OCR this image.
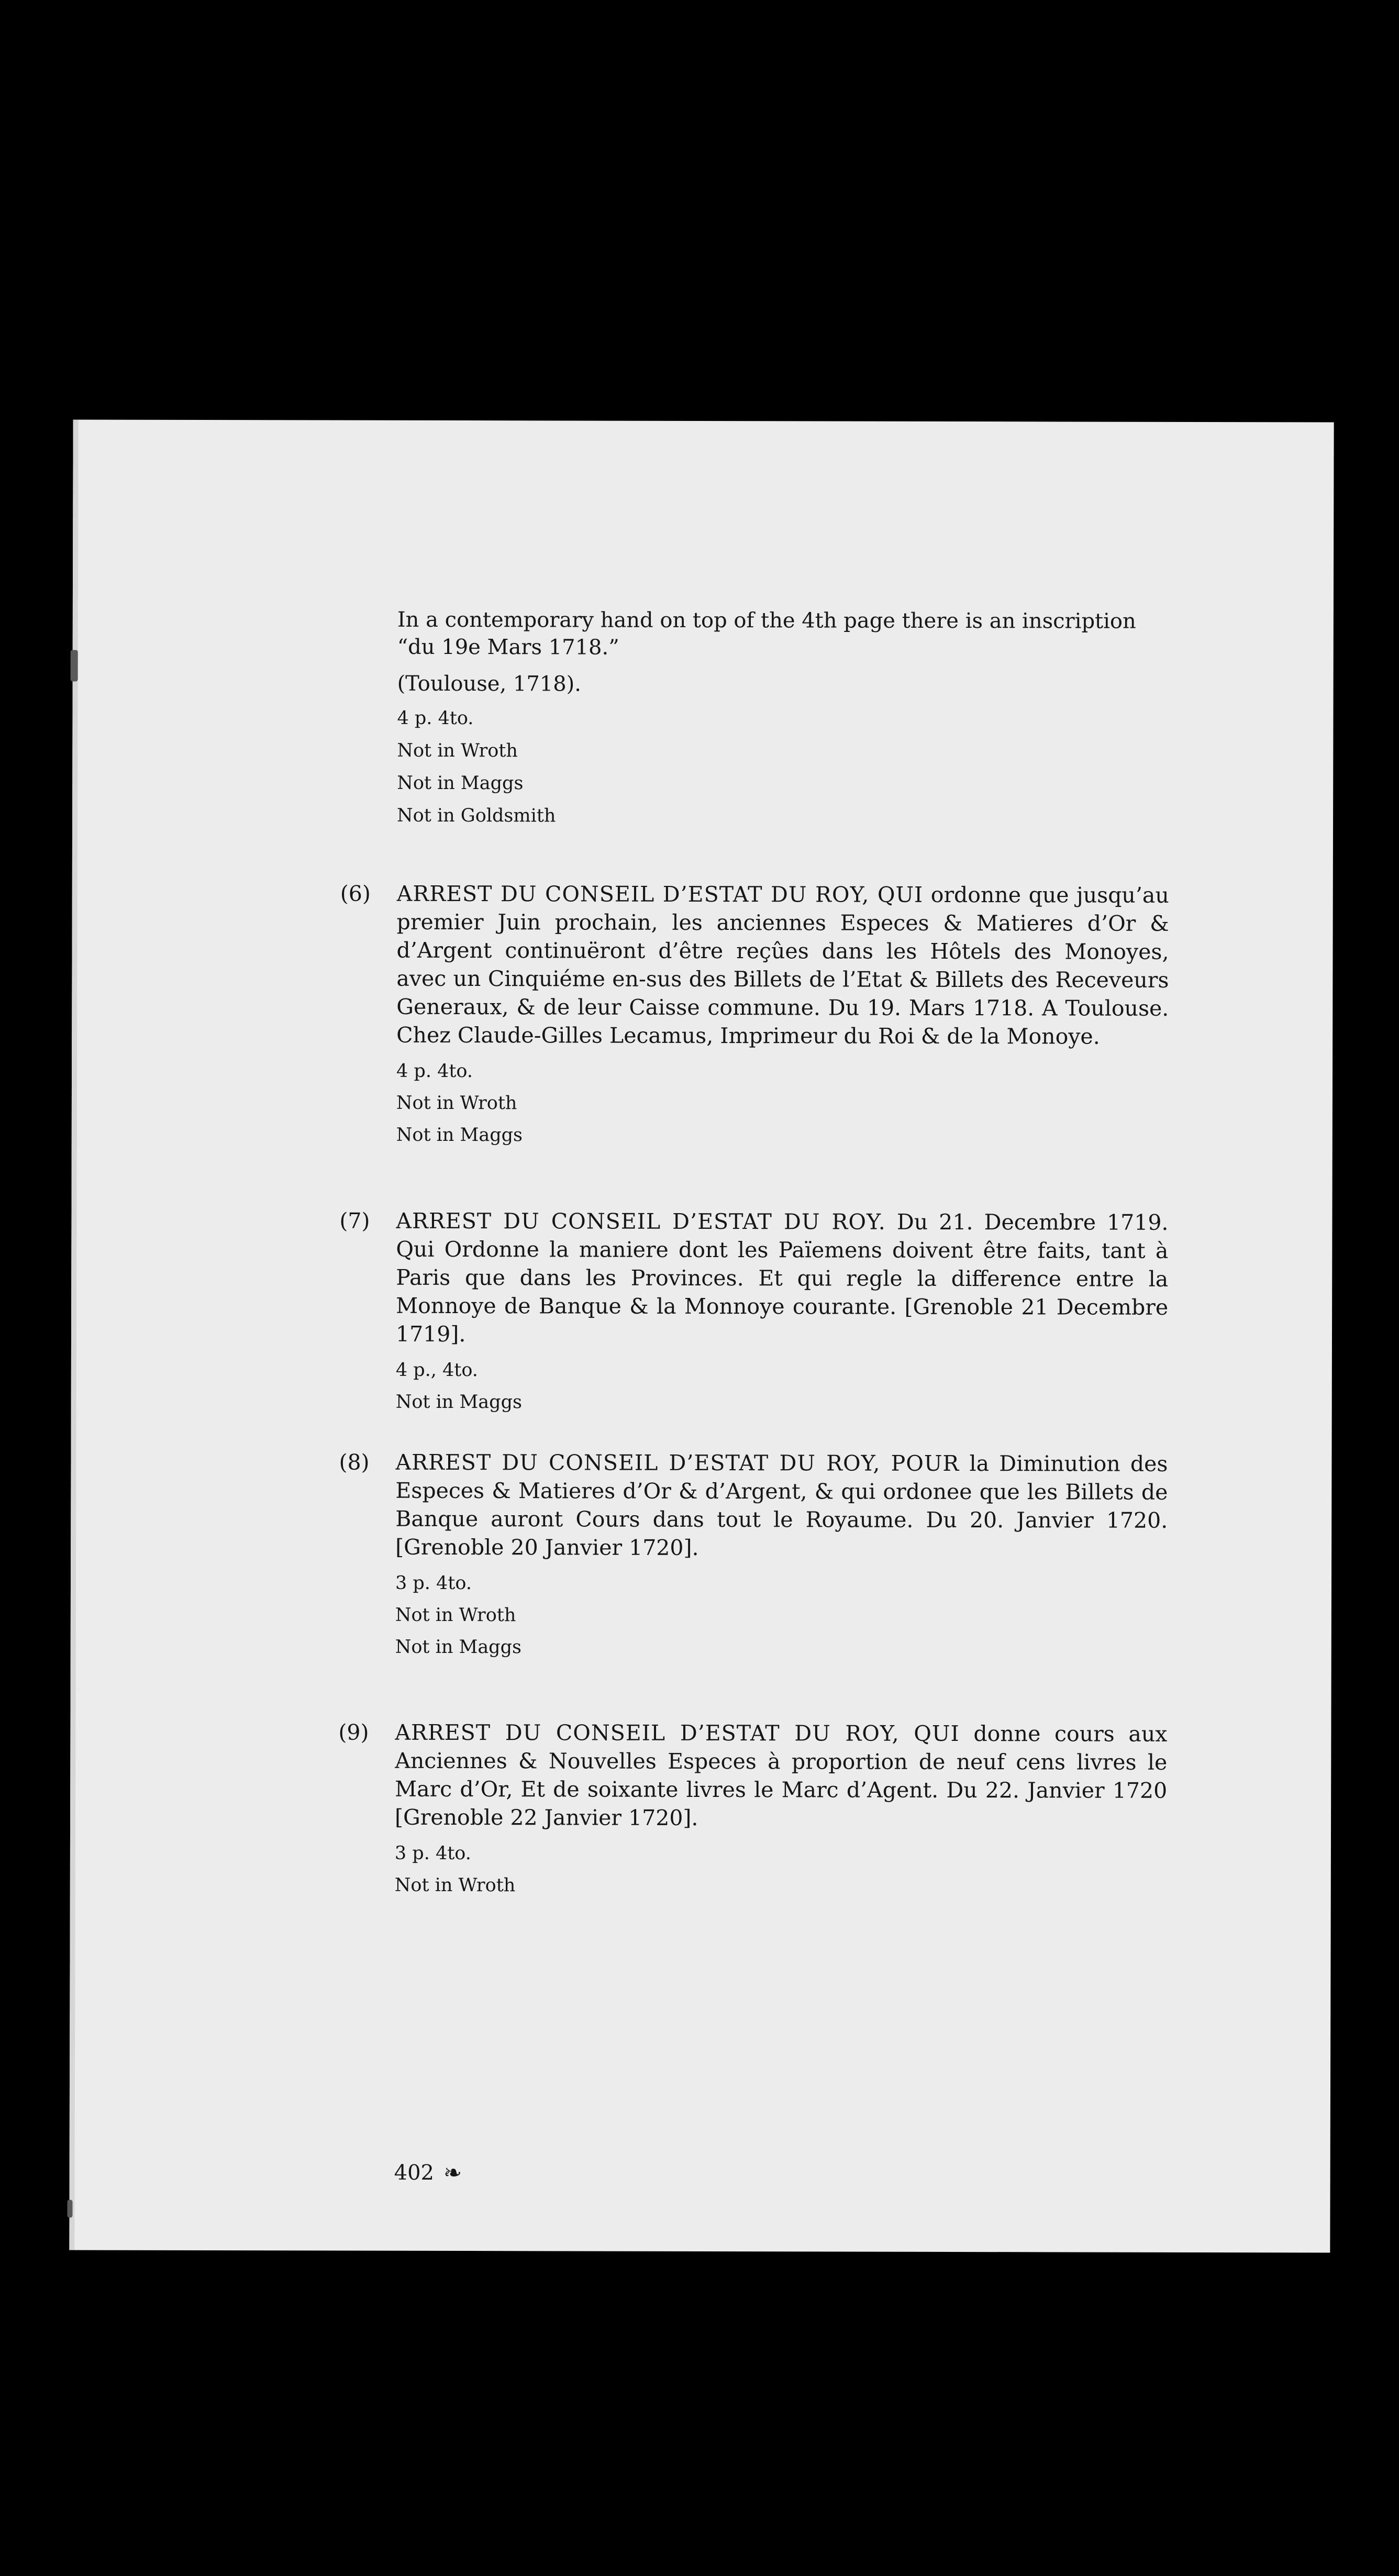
In a contemporary hand on top of the 4th page there is an inscription “du 19e Mars 1718.”

(Toulouse, 1718).

4 p. 4to.

Not in Wroth

Not in Maggs

Not in Goldsmith

(6) ARREST DU CONSEIL D’ESTAT DU ROY, QUI ordonne que jusqu’au premier Juin prochain, les anciennes Especes & Matieres d’Or & d’Argent continuëront d’être reçûes dans les Hôtels des Monoyes, avec un Cinquiéme en-sus des Billets de l’Etat & Billets des Receveurs Generaux, & de leur Caisse commune. Du 19. Mars 1718. A Toulouse. Chez Claude-Gilles Lecamus, Imprimeur du Roi & de la Monoye.

4 p. 4to.
Not in Wroth
Not in Maggs
(7) ARREST DU CONSEIL D’ESTAT DU ROY. Du 21. Decembre 1719. Qui Ordonne la maniere dont les Païemens doivent être faits, tant à Paris que dans les Provinces. Et qui regle la difference entre la Monnoye de Banque & la Monnoye courante. [Grenoble 21 Decembre 1719].

4 p., 4to.
Not in Maggs
(8) ARREST DU CONSEIL D’ESTAT DU ROY, POUR la Diminution des Especes & Matieres d’Or & d’Argent, & qui ordonee que les Billets de Banque auront Cours dans tout le Royaume. Du 20. Janvier 1720. [Grenoble 20 Janvier 1720].

3 p. 4to.
Not in Wroth
Not in Maggs
(9) ARREST DU CONSEIL D’ESTAT DU ROY, QUI donne cours aux Anciennes & Nouvelles Especes à proportion de neuf cens livres le Marc d’Or, Et de soixante livres le Marc d’Agent. Du 22. Janvier 1720 [Grenoble 22 Janvier 1720].

3 p. 4to.
Not in Wroth
402 ❧
